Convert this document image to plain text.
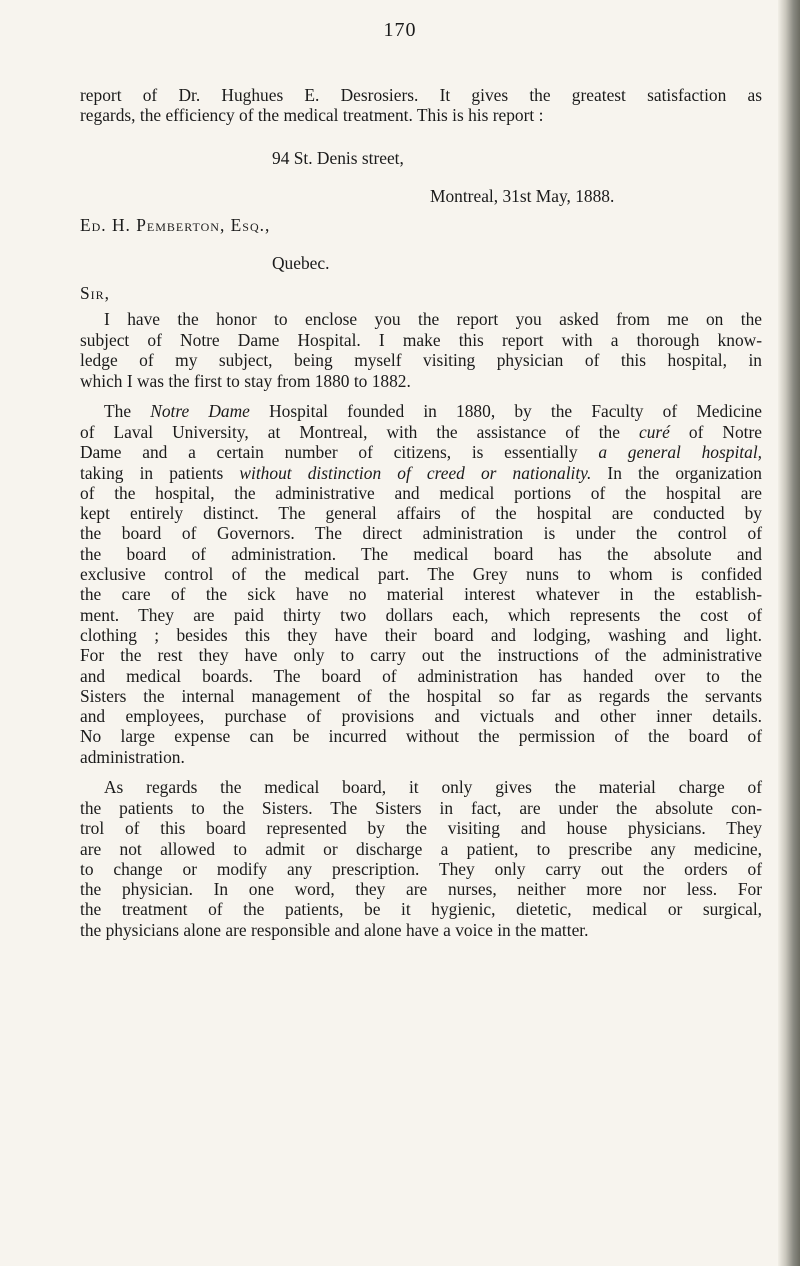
170
report of Dr. Hughues E. Desrosiers. It gives the greatest satisfaction as
regards, the efficiency of the medical treatment. This is his report :
94 St. Denis street,
Montreal, 31st May, 1888.
Ed. H. Pemberton, Esq.,
Quebec.
Sir,
I have the honor to enclose you the report you asked from me on the
subject of Notre Dame Hospital. I make this report with a thorough know-
ledge of my subject, being myself visiting physician of this hospital, in
which I was the first to stay from 1880 to 1882.
The Notre Dame Hospital founded in 1880, by the Faculty of Medicine
of Laval University, at Montreal, with the assistance of the curé of Notre
Dame and a certain number of citizens, is essentially a general hospital,
taking in patients without distinction of creed or nationality. In the organization
of the hospital, the administrative and medical portions of the hospital are
kept entirely distinct. The general affairs of the hospital are conducted by
the board of Governors. The direct administration is under the control of
the board of administration. The medical board has the absolute and
exclusive control of the medical part. The Grey nuns to whom is confided
the care of the sick have no material interest whatever in the establish-
ment. They are paid thirty two dollars each, which represents the cost of
clothing ; besides this they have their board and lodging, washing and light.
For the rest they have only to carry out the instructions of the administrative
and medical boards. The board of administration has handed over to the
Sisters the internal management of the hospital so far as regards the servants
and employees, purchase of provisions and victuals and other inner details.
No large expense can be incurred without the permission of the board of
administration.
As regards the medical board, it only gives the material charge of
the patients to the Sisters. The Sisters in fact, are under the absolute con-
trol of this board represented by the visiting and house physicians. They
are not allowed to admit or discharge a patient, to prescribe any medicine,
to change or modify any prescription. They only carry out the orders of
the physician. In one word, they are nurses, neither more nor less. For
the treatment of the patients, be it hygienic, dietetic, medical or surgical,
the physicians alone are responsible and alone have a voice in the matter.
